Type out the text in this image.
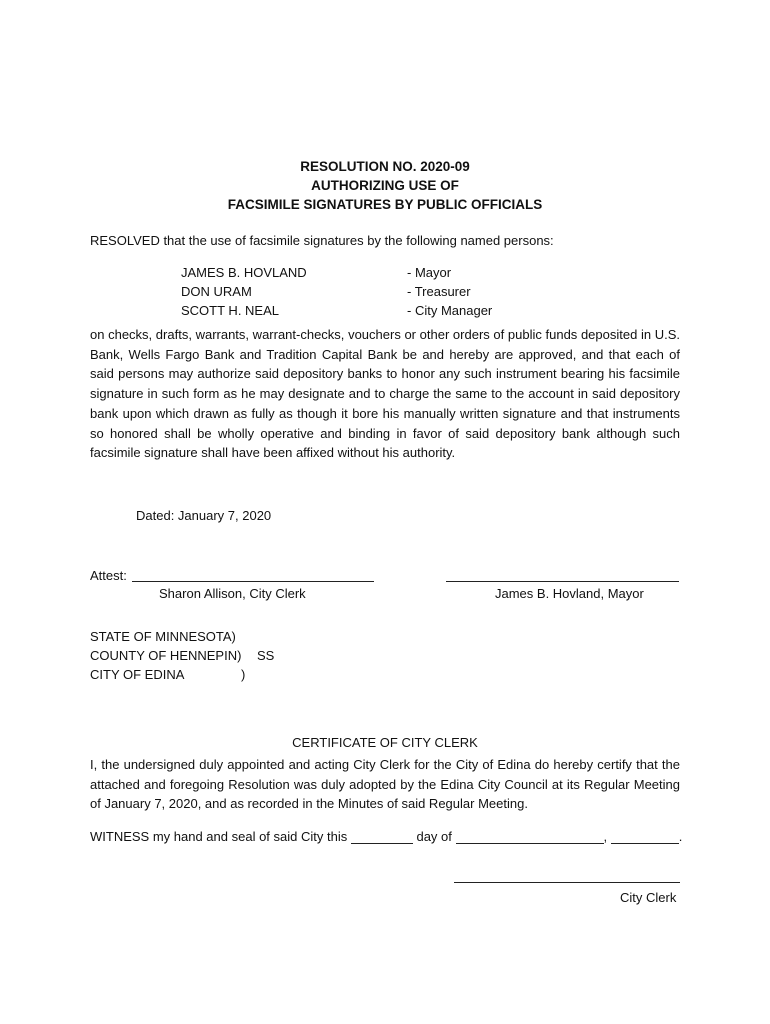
RESOLUTION NO. 2020-09
AUTHORIZING USE OF
FACSIMILE SIGNATURES BY PUBLIC OFFICIALS
RESOLVED that the use of facsimile signatures by the following named persons:
JAMES B. HOVLAND	- Mayor
DON URAM	- Treasurer
SCOTT H. NEAL	- City Manager
on checks, drafts, warrants, warrant-checks, vouchers or other orders of public funds deposited in U.S. Bank, Wells Fargo Bank and Tradition Capital Bank be and hereby are approved, and that each of said persons may authorize said depository banks to honor any such instrument bearing his facsimile signature in such form as he may designate and to charge the same to the account in said depository bank upon which drawn as fully as though it bore his manually written signature and that instruments so honored shall be wholly operative and binding in favor of said depository bank although such facsimile signature shall have been affixed without his authority.
Dated: January 7, 2020
Attest:
Sharon Allison, City Clerk	James B. Hovland, Mayor
STATE OF MINNESOTA)
COUNTY OF HENNEPIN) SS
CITY OF EDINA	)
CERTIFICATE OF CITY CLERK
I, the undersigned duly appointed and acting City Clerk for the City of Edina do hereby certify that the attached and foregoing Resolution was duly adopted by the Edina City Council at its Regular Meeting of January 7, 2020, and as recorded in the Minutes of said Regular Meeting.
WITNESS my hand and seal of said City this	day of	,	.
City Clerk
